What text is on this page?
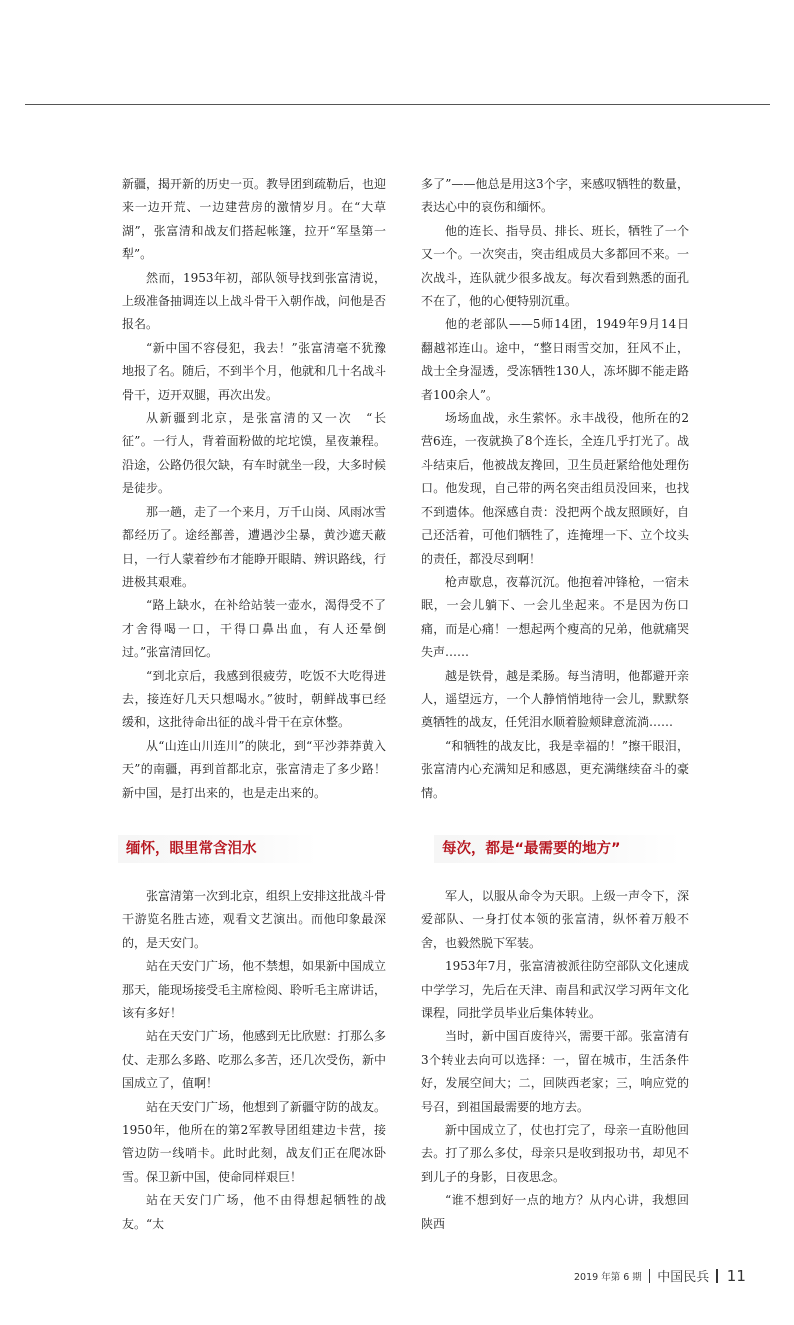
新疆，揭开新的历史一页。教导团到疏勒后，也迎来一边开荒、一边建营房的激情岁月。在“大草湖”，张富清和战友们搭起帐篷，拉开“军垦第一犁”。

然而，1953年初，部队领导找到张富清说，上级准备抽调连以上战斗骨干入朝作战，问他是否报名。

“新中国不容侵犯，我去！”张富清毫不犹豫地报了名。随后，不到半个月，他就和几十名战斗骨干，迈开双腿，再次出发。

从新疆到北京，是张富清的又一次　“长征”。一行人，背着面粉做的坨坨馍，星夜兼程。沿途，公路仍很欠缺，有车时就坐一段，大多时候是徒步。

那一趟，走了一个来月，万千山岗、风雨冰雪都经历了。途经鄯善，遭遇沙尘暴，黄沙遮天蔽日，一行人蒙着纱布才能睁开眼睛、辨识路线，行进极其艰难。

“路上缺水，在补给站装一壶水，渴得受不了才舍得喝一口，干得口鼻出血，有人还晕倒过。”张富清回忆。

“到北京后，我感到很疲劳，吃饭不大吃得进去，接连好几天只想喝水。”彼时，朝鲜战事已经缓和，这批待命出征的战斗骨干在京休整。

从“山连山川连川”的陕北，到“平沙莽莽黄入天”的南疆，再到首都北京，张富清走了多少路！新中国，是打出来的，也是走出来的。

缅怀，眼里常含泪水

张富清第一次到北京，组织上安排这批战斗骨干游览名胜古迹，观看文艺演出。而他印象最深的，是天安门。

站在天安门广场，他不禁想，如果新中国成立那天，能现场接受毛主席检阅、聆听毛主席讲话，该有多好！

站在天安门广场，他感到无比欣慰：打那么多仗、走那么多路、吃那么多苦，还几次受伤，新中国成立了，值啊！

站在天安门广场，他想到了新疆守防的战友。1950年，他所在的第2军教导团组建边卡营，接管边防一线哨卡。此时此刻，战友们正在爬冰卧雪。保卫新中国，使命同样艰巨！

站在天安门广场，他不由得想起牺牲的战友。“太

多了”——他总是用这3个字，来感叹牺牲的数量，表达心中的哀伤和缅怀。

他的连长、指导员、排长、班长，牺牲了一个又一个。一次突击，突击组成员大多都回不来。一次战斗，连队就少很多战友。每次看到熟悉的面孔不在了，他的心便特别沉重。

他的老部队——5师14团，1949年9月14日翻越祁连山。途中，“整日雨雪交加，狂风不止，战士全身湿透，受冻牺牲130人，冻坏脚不能走路者100余人”。

场场血战，永生萦怀。永丰战役，他所在的2营6连，一夜就换了8个连长，全连几乎打光了。战斗结束后，他被战友搀回，卫生员赶紧给他处理伤口。他发现，自己带的两名突击组员没回来，也找不到遗体。他深感自责：没把两个战友照顾好，自己还活着，可他们牺牲了，连掩埋一下、立个坟头的责任，都没尽到啊！

枪声歇息，夜幕沉沉。他抱着冲锋枪，一宿未眠，一会儿躺下、一会儿坐起来。不是因为伤口痛，而是心痛！一想起两个瘦高的兄弟，他就痛哭失声……

越是铁骨，越是柔肠。每当清明，他都避开亲人，遥望远方，一个人静悄悄地待一会儿，默默祭奠牺牲的战友，任凭泪水顺着脸颊肆意流淌……

“和牺牲的战友比，我是幸福的！”擦干眼泪，张富清内心充满知足和感恩，更充满继续奋斗的豪情。

每次，都是“最需要的地方”

军人，以服从命令为天职。上级一声令下，深爱部队、一身打仗本领的张富清，纵怀着万般不舍，也毅然脱下军装。

1953年7月，张富清被派往防空部队文化速成中学学习，先后在天津、南昌和武汉学习两年文化课程，同批学员毕业后集体转业。

当时，新中国百废待兴，需要干部。张富清有3个转业去向可以选择：一，留在城市，生活条件好，发展空间大；二，回陕西老家；三，响应党的号召，到祖国最需要的地方去。

新中国成立了，仗也打完了，母亲一直盼他回去。打了那么多仗，母亲只是收到报功书，却见不到儿子的身影，日夜思念。

“谁不想到好一点的地方？从内心讲，我想回陕西

2019 年第 6 期 中国民兵 11
